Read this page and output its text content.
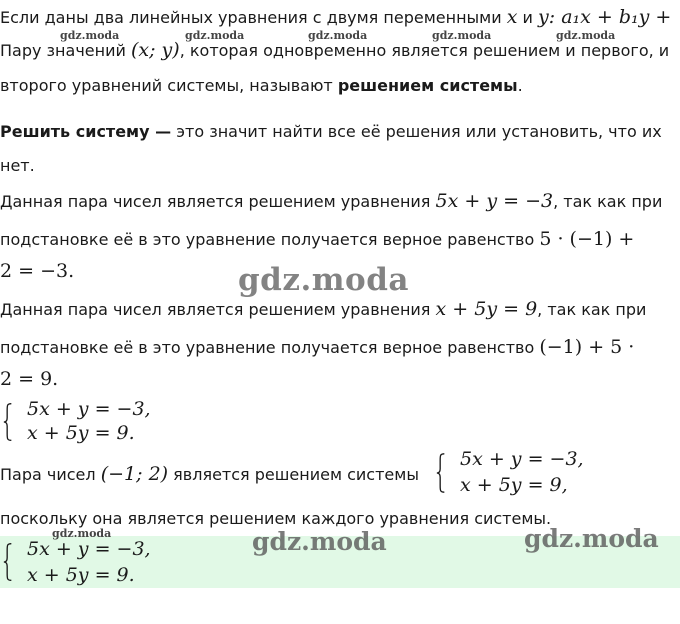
Если даны два линейных уравнения с двумя переменными x и y: a₁x + b₁y +
gdz.moda	gdz.moda	gdz.moda	gdz.moda	gdz.moda
Пару значений (x; y), которая одновременно является решением и первого, и
второго уравнений системы, называют решением системы.
Решить систему — это значит найти все её решения или установить, что их
нет.
Данная пара чисел является решением уравнения 5x + y = −3, так как при
подстановке её в это уравнение получается верное равенство 5 · (−1) +
2 = −3.	gdz.moda
Данная пара чисел является решением уравнения x + 5y = 9, так как при
подстановке её в это уравнение получается верное равенство (−1) + 5 ·
2 = 9.
5x + y = −3,
x + 5y = 9.
Пара чисел (−1; 2) является решением системы
5x + y = −3,
x + 5y = 9,
поскольку она является решением каждого уравнения системы.
gdz.moda
5x + y = −3,
x + 5y = 9.
gdz.moda	gdz.moda
